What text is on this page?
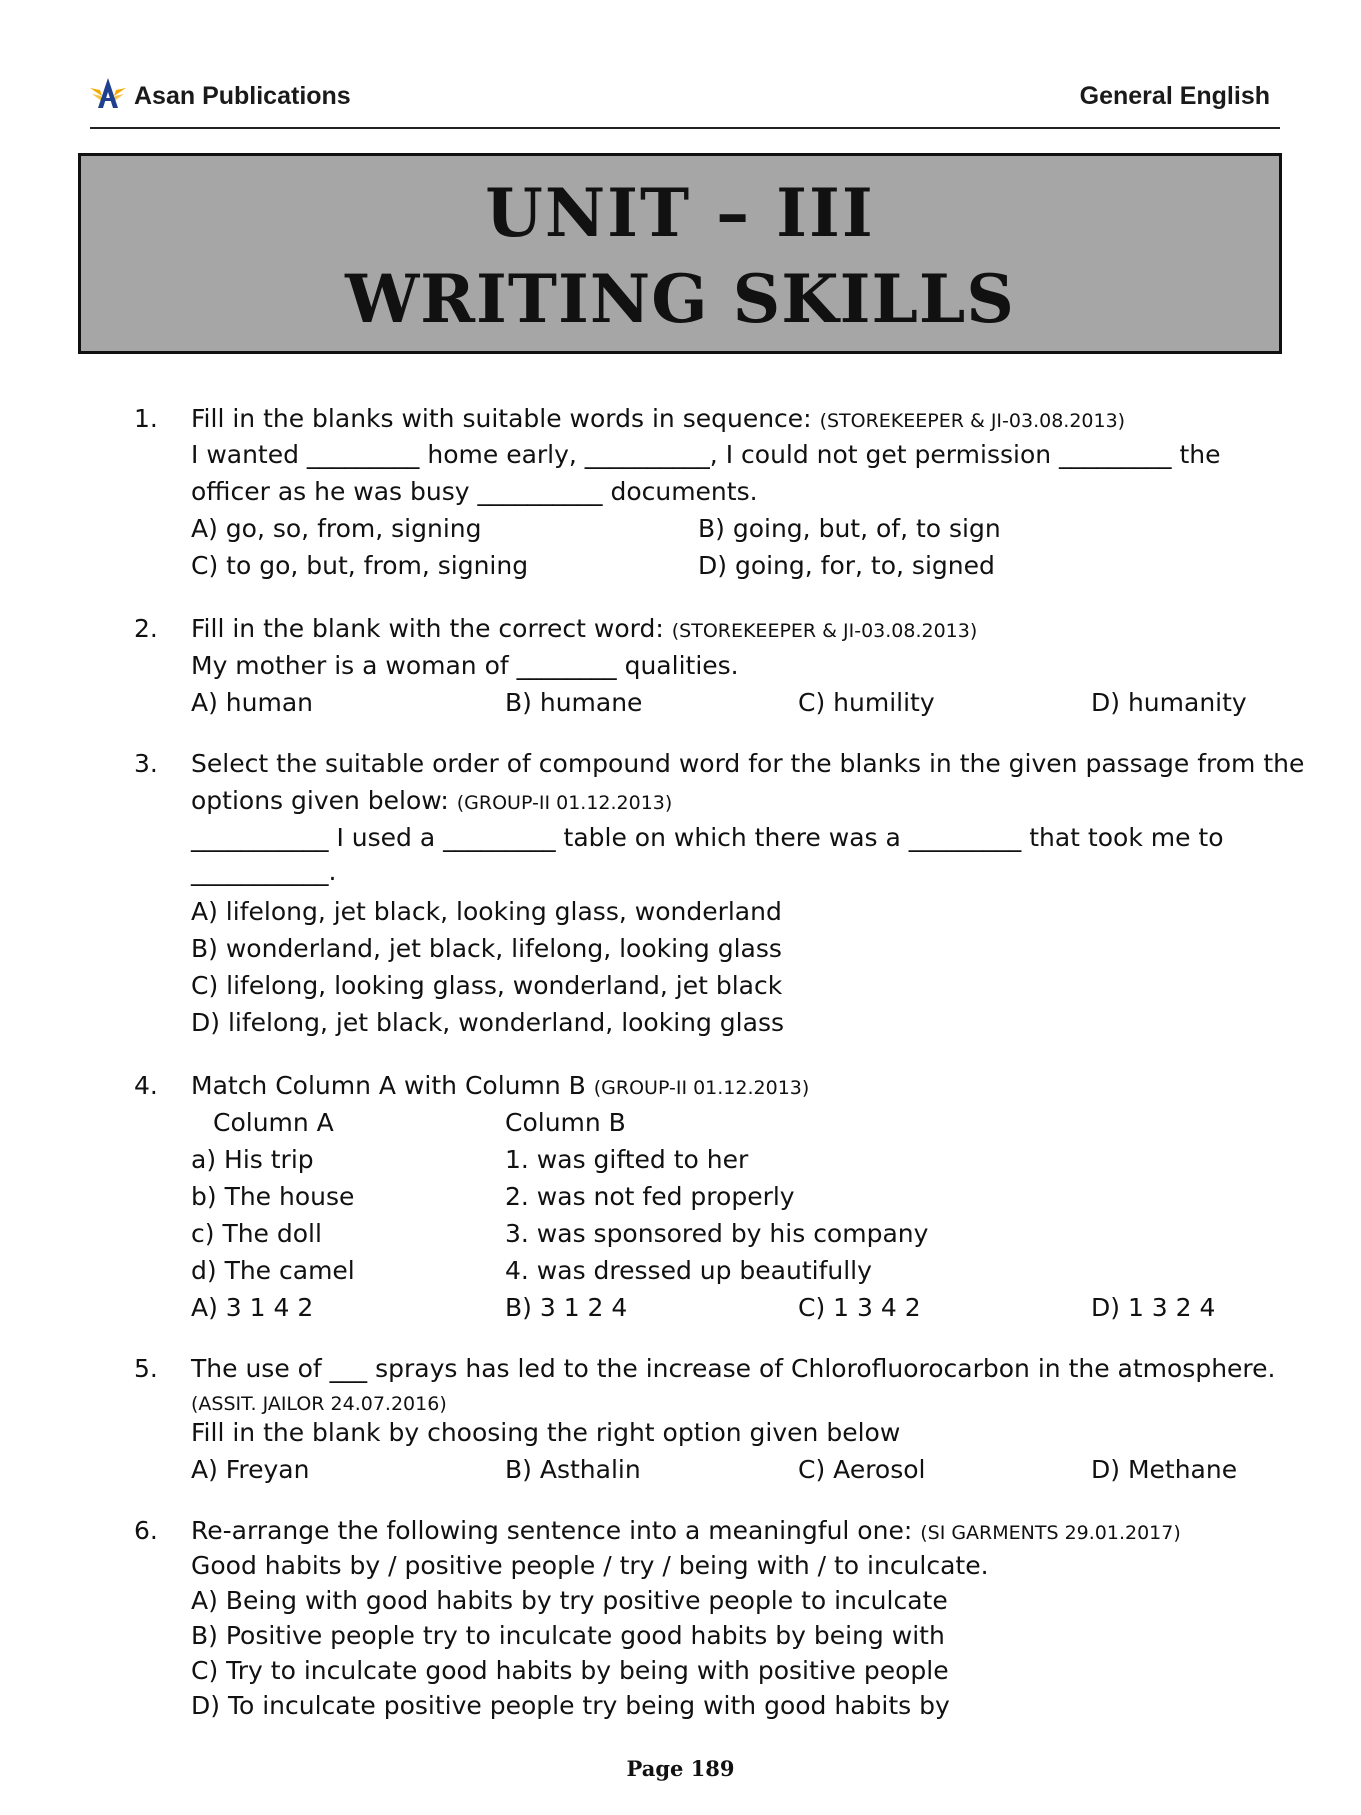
Asan Publications	General English
UNIT – III
WRITING SKILLS
1. Fill in the blanks with suitable words in sequence: (STOREKEEPER & JI-03.08.2013)
I wanted _________ home early, __________, I could not get permission _________ the
officer as he was busy __________ documents.
A) go, so, from, signing	B) going, but, of, to sign
C) to go, but, from, signing	D) going, for, to, signed
2. Fill in the blank with the correct word: (STOREKEEPER & JI-03.08.2013)
My mother is a woman of ________ qualities.
A) human	B) humane	C) humility	D) humanity
3. Select the suitable order of compound word for the blanks in the given passage from the
options given below: (GROUP-II 01.12.2013)
___________ I used a _________ table on which there was a _________ that took me to
___________.
A) lifelong, jet black, looking glass, wonderland
B) wonderland, jet black, lifelong, looking glass
C) lifelong, looking glass, wonderland, jet black
D) lifelong, jet black, wonderland, looking glass
4. Match Column A with Column B (GROUP-II 01.12.2013)
Column A	Column B
a) His trip	1. was gifted to her
b) The house	2. was not fed properly
c) The doll	3. was sponsored by his company
d) The camel	4. was dressed up beautifully
A) 3 1 4 2	B) 3 1 2 4	C) 1 3 4 2	D) 1 3 2 4
5. The use of ___ sprays has led to the increase of Chlorofluorocarbon in the atmosphere.
(ASSIT. JAILOR 24.07.2016)
Fill in the blank by choosing the right option given below
A) Freyan	B) Asthalin	C) Aerosol	D) Methane
6. Re-arrange the following sentence into a meaningful one: (SI GARMENTS 29.01.2017)
Good habits by / positive people / try / being with / to inculcate.
A) Being with good habits by try positive people to inculcate
B) Positive people try to inculcate good habits by being with
C) Try to inculcate good habits by being with positive people
D) To inculcate positive people try being with good habits by
Page 189
